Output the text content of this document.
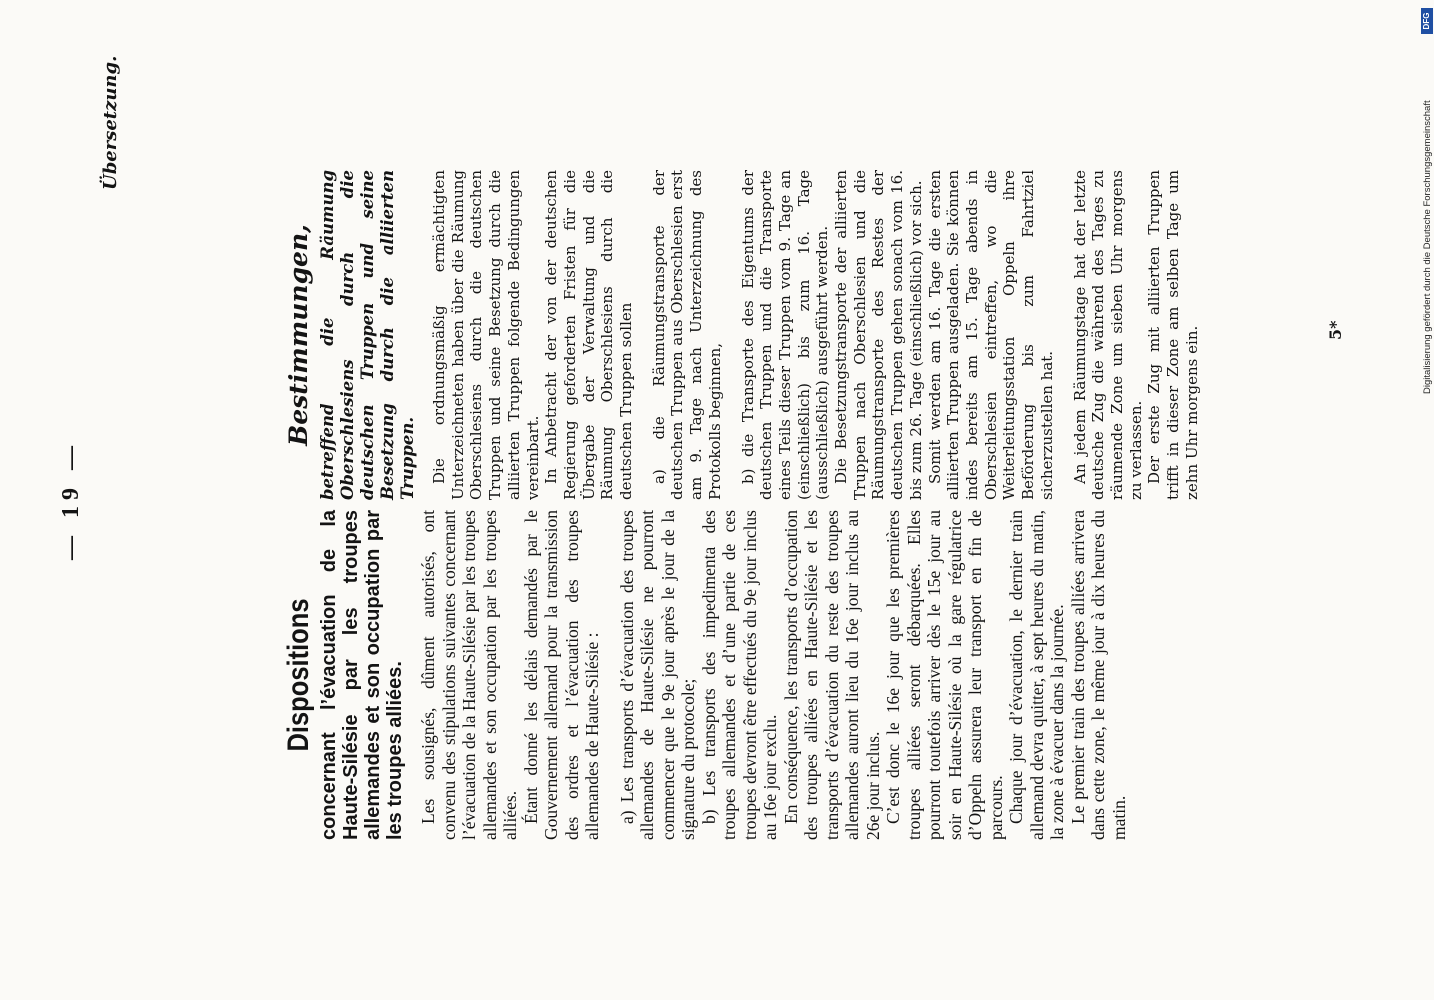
— 19 —
Übersetzung.
Dispositions concernant l’évacuation de la Haute-Silésie par les troupes allemandes et son occupation par les troupes alliées. Les sousignés, dûment autorisés, ont convenu des stipulations suivantes concernant l’évacuation de la Haute-Silésie par les troupes allemandes et son occupation par les troupes alliées. Étant donné les délais demandés par le Gouvernement allemand pour la transmission des ordres et l’évacuation des troupes allemandes de Haute-Silésie : a) Les transports d’évacuation des troupes allemandes de Haute-Silésie ne pourront commencer que le 9e jour après le jour de la signature du protocole; b) Les transports des impedimenta des troupes allemandes et d’une partie de ces troupes devront être effectués du 9e jour inclus au 16e jour exclu. En conséquence, les transports d’occupation des troupes alliées en Haute-Silésie et les transports d’évacuation du reste des troupes allemandes auront lieu du 16e jour inclus au 26e jour inclus. C’est donc le 16e jour que les premières troupes alliées seront débarquées. Elles pourront toutefois arriver dès le 15e jour au soir en Haute-Silésie où la gare régulatrice d’Oppeln assurera leur transport en fin de parcours. Chaque jour d’évacuation, le dernier train allemand devra quitter, à sept heures du matin, la zone à évacuer dans la journée. Le premier train des troupes alliées arrivera dans cette zone, le même jour à dix heures du matin.

Bestimmungen, betreffend die Räumung Oberschlesiens durch die deutschen Truppen und seine Besetzung durch die alliierten Truppen. Die ordnungsmäßig ermächtigten Unterzeichneten haben über die Räumung Oberschlesiens durch die deutschen Truppen und seine Besetzung durch die alliierten Truppen folgende Bedingungen vereinbart. In Anbetracht der von der deutschen Regierung geforderten Fristen für die Übergabe der Verwaltung und die Räumung Oberschlesiens durch die deutschen Truppen sollen a) die Räumungstransporte der deutschen Truppen aus Oberschlesien erst am 9. Tage nach Unterzeichnung des Protokolls beginnen, b) die Transporte des Eigentums der deutschen Truppen und die Transporte eines Teils dieser Truppen vom 9. Tage an (einschließlich) bis zum 16. Tage (ausschließlich) ausgeführt werden. Die Besetzungstransporte der alliierten Truppen nach Oberschlesien und die Räumungstransporte des Restes der deutschen Truppen gehen sonach vom 16. bis zum 26. Tage (einschließlich) vor sich. Somit werden am 16. Tage die ersten alliierten Truppen ausgeladen. Sie können indes bereits am 15. Tage abends in Oberschlesien eintreffen, wo die Weiterleitungsstation Oppeln ihre Beförderung bis zum Fahrtziel sicherzustellen hat. An jedem Räumungstage hat der letzte deutsche Zug die während des Tages zu räumende Zone um sieben Uhr morgens zu verlassen. Der erste Zug mit alliierten Truppen trifft in dieser Zone am selben Tage um zehn Uhr morgens ein.	5*
DFG
Digitalisierung gefördert durch die Deutsche Forschungsgemeinschaft
